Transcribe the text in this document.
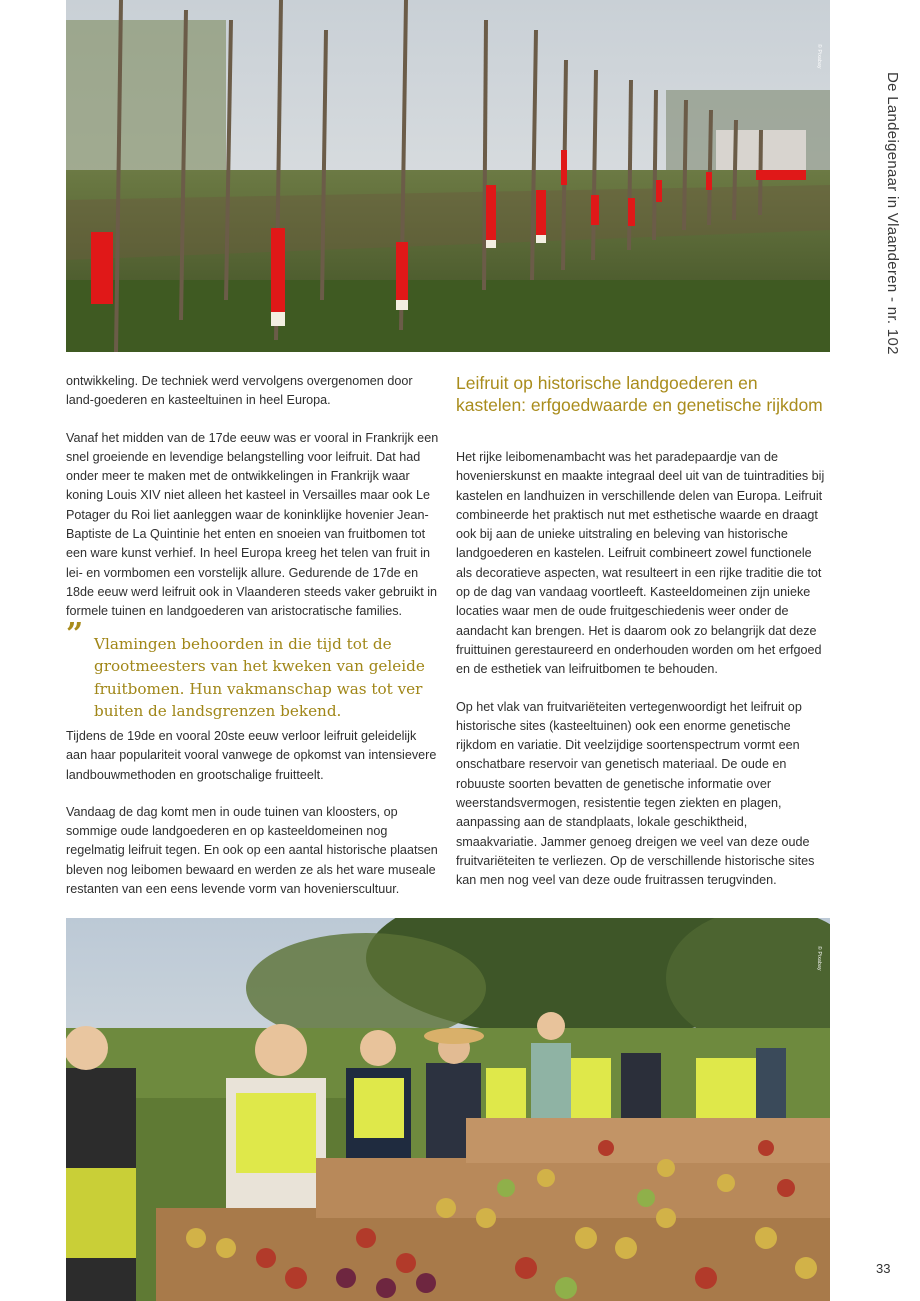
© Pixabay
De Landeigenaar in Vlaanderen - nr. 102

ontwikkeling. De techniek werd vervolgens overgenomen door land-goederen en kasteeltuinen in heel Europa.

Vanaf het midden van de 17de eeuw was er vooral in Frankrijk een snel groeiende en levendige belangstelling voor leifruit. Dat had onder meer te maken met de ontwikkelingen in Frankrijk waar koning Louis XIV niet alleen het kasteel in Versailles maar ook Le Potager du Roi liet aanleggen waar de koninklijke hovenier Jean-Baptiste de La Quintinie het enten en snoeien van fruitbomen tot een ware kunst verhief. In heel Europa kreeg het telen van fruit in lei- en vormbomen een vorstelijk allure. Gedurende de 17de en 18de eeuw werd leifruit ook in Vlaanderen steeds vaker gebruikt in formele tuinen en landgoederen van aristocratische families.

” Vlamingen behoorden in die tijd tot de grootmeesters van het kweken van geleide fruitbomen. Hun vakmanschap was tot ver buiten de landsgrenzen bekend.

Tijdens de 19de en vooral 20ste eeuw verloor leifruit geleidelijk aan haar populariteit vooral vanwege de opkomst van intensievere landbouwmethoden en grootschalige fruitteelt.

Vandaag de dag komt men in oude tuinen van kloosters, op sommige oude landgoederen en op kasteeldomeinen nog regelmatig leifruit tegen. En ook op een aantal historische plaatsen bleven nog leibomen bewaard en werden ze als het ware museale restanten van een eens levende vorm van hovenierscultuur.

Leifruit op historische landgoederen en kastelen: erfgoedwaarde en genetische rijkdom

Het rijke leibomenambacht was het paradepaardje van de hovenierskunst en maakte integraal deel uit van de tuintradities bij kastelen en landhuizen in verschillende delen van Europa. Leifruit combineerde het praktisch nut met esthetische waarde en draagt ook bij aan de unieke uitstraling en beleving van historische landgoederen en kastelen. Leifruit combineert zowel functionele als decoratieve aspecten, wat resulteert in een rijke traditie die tot op de dag van vandaag voortleeft. Kasteeldomeinen zijn unieke locaties waar men de oude fruitgeschiedenis weer onder de aandacht kan brengen. Het is daarom ook zo belangrijk dat deze fruittuinen gerestaureerd en onderhouden worden om het erfgoed en de esthetiek van leifruitbomen te behouden.

Op het vlak van fruitvariëteiten vertegenwoordigt het leifruit op historische sites (kasteeltuinen) ook een enorme genetische rijkdom en variatie. Dit veelzijdige soortenspectrum vormt een onschatbare reservoir van genetisch materiaal. De oude en robuuste soorten bevatten de genetische informatie over weerstandsvermogen, resistentie tegen ziekten en plagen, aanpassing aan de standplaats, lokale geschiktheid, smaakvariatie. Jammer genoeg dreigen we veel van deze oude fruitvariëteiten te verliezen. Op de verschillende historische sites kan men nog veel van deze oude fruitrassen terugvinden.

© Pixabay
33
